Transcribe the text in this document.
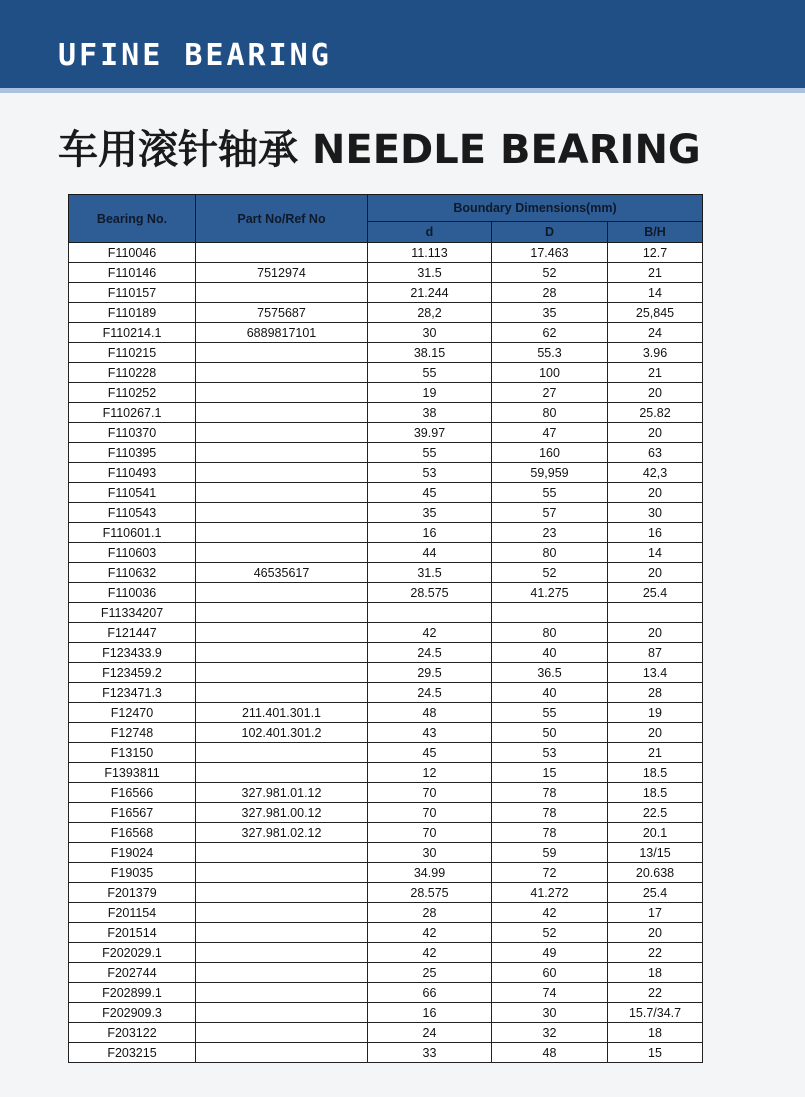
UFINE BEARING
车用滚针轴承 NEEDLE BEARING
Bearing No.	Part No/Ref No	Boundary Dimensions(mm)		
		d	D	B/H
F110046		11.113	17.463	12.7
F110146	7512974	31.5	52	21
F110157		21.244	28	14
F110189	7575687	28,2	35	25,845
F110214.1	6889817101	30	62	24
F110215		38.15	55.3	3.96
F110228		55	100	21
F110252		19	27	20
F110267.1		38	80	25.82
F110370		39.97	47	20
F110395		55	160	63
F110493		53	59,959	42,3
F110541		45	55	20
F110543		35	57	30
F110601.1		16	23	16
F110603		44	80	14
F110632	46535617	31.5	52	20
F110036		28.575	41.275	25.4
F11334207				
F121447		42	80	20
F123433.9		24.5	40	87
F123459.2		29.5	36.5	13.4
F123471.3		24.5	40	28
F12470	211.401.301.1	48	55	19
F12748	102.401.301.2	43	50	20
F13150		45	53	21
F1393811		12	15	18.5
F16566	327.981.01.12	70	78	18.5
F16567	327.981.00.12	70	78	22.5
F16568	327.981.02.12	70	78	20.1
F19024		30	59	13/15
F19035		34.99	72	20.638
F201379		28.575	41.272	25.4
F201154		28	42	17
F201514		42	52	20
F202029.1		42	49	22
F202744		25	60	18
F202899.1		66	74	22
F202909.3		16	30	15.7/34.7
F203122		24	32	18
F203215		33	48	15
